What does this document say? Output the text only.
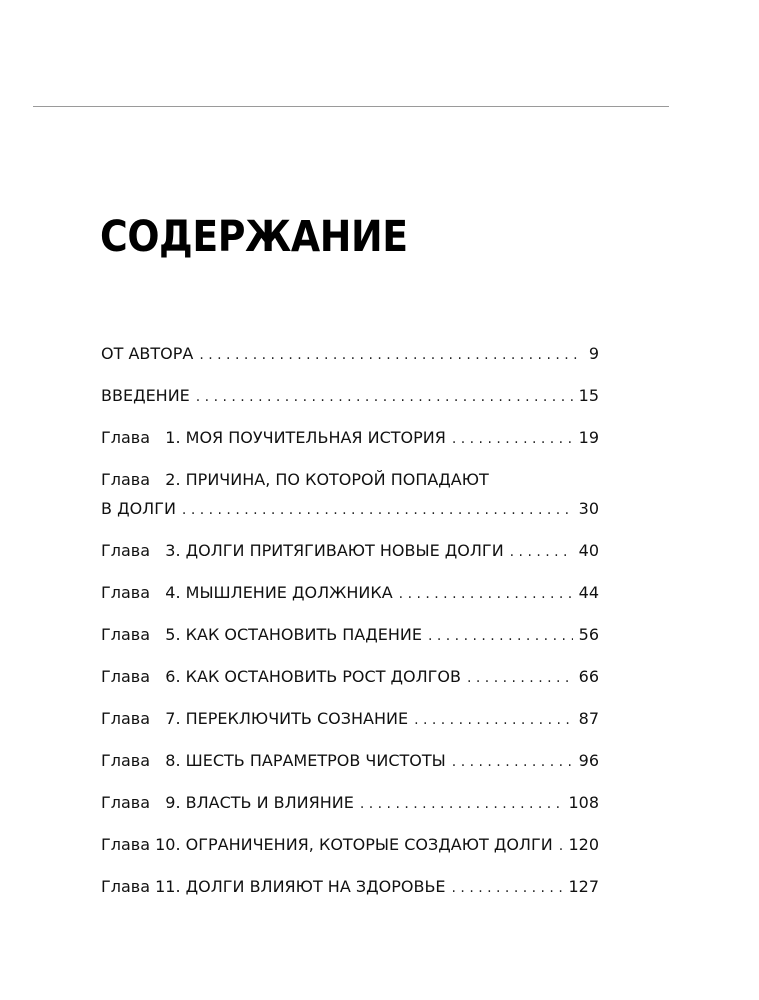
СОДЕРЖАНИЕ
ОТ АВТОРА . . .	9
ВВЕДЕНИЕ . . .	15
Глава   1. МОЯ ПОУЧИТЕЛЬНАЯ ИСТОРИЯ . . .	19
Глава   2. ПРИЧИНА, ПО КОТОРОЙ ПОПАДАЮТ
В ДОЛГИ . . .	30
Глава   3. ДОЛГИ ПРИТЯГИВАЮТ НОВЫЕ ДОЛГИ . . .	40
Глава   4. МЫШЛЕНИЕ ДОЛЖНИКА . . .	44
Глава   5. КАК ОСТАНОВИТЬ ПАДЕНИЕ . . .	56
Глава   6. КАК ОСТАНОВИТЬ РОСТ ДОЛГОВ . . .	66
Глава   7. ПЕРЕКЛЮЧИТЬ СОЗНАНИЕ . . .	87
Глава   8. ШЕСТЬ ПАРАМЕТРОВ ЧИСТОТЫ . . .	96
Глава   9. ВЛАСТЬ И ВЛИЯНИЕ . . .	108
Глава 10. ОГРАНИЧЕНИЯ, КОТОРЫЕ СОЗДАЮТ ДОЛГИ . . . 120
Глава 11. ДОЛГИ ВЛИЯЮТ НА ЗДОРОВЬЕ . . .	127
